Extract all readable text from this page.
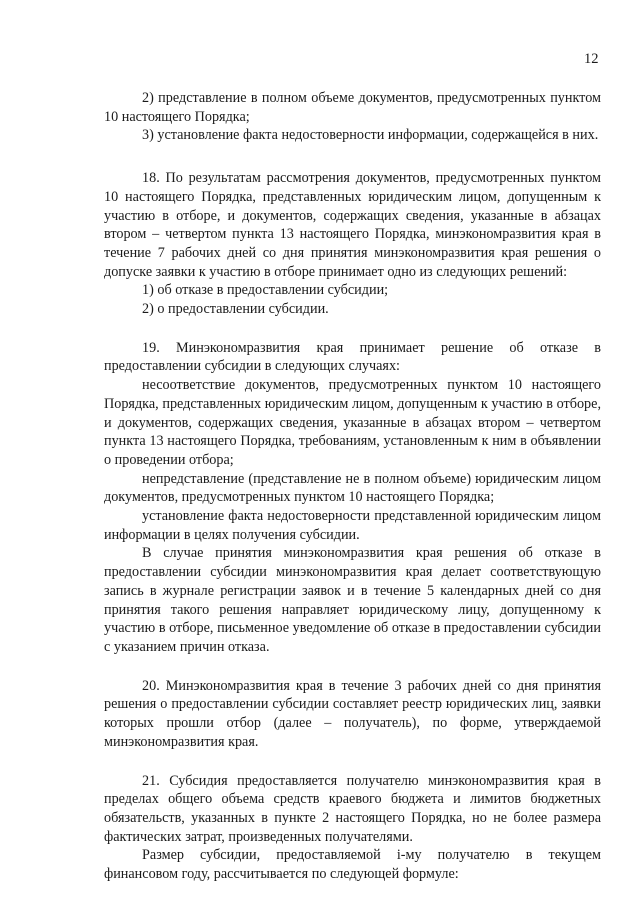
12

2) представление в полном объеме документов, предусмотренных пунктом 10 настоящего Порядка;

3) установление факта недостоверности информации, содержащейся в них.

18. По результатам рассмотрения документов, предусмотренных пунктом 10 настоящего Порядка, представленных юридическим лицом, допущенным к участию в отборе, и документов, содержащих сведения, указанные в абзацах втором – четвертом пункта 13 настоящего Порядка, минэкономразвития края в течение 7 рабочих дней со дня принятия минэкономразвития края решения о допуске заявки к участию в отборе принимает одно из следующих решений:

1) об отказе в предоставлении субсидии;

2) о предоставлении субсидии.

19. Минэкономразвития края принимает решение об отказе в предоставлении субсидии в следующих случаях:

несоответствие документов, предусмотренных пунктом 10 настоящего Порядка, представленных юридическим лицом, допущенным к участию в отборе, и документов, содержащих сведения, указанные в абзацах втором – четвертом пункта 13 настоящего Порядка, требованиям, установленным к ним в объявлении о проведении отбора;

непредставление (представление не в полном объеме) юридическим лицом документов, предусмотренных пунктом 10 настоящего Порядка;

установление факта недостоверности представленной юридическим лицом информации в целях получения субсидии.

В случае принятия минэкономразвития края решения об отказе в предоставлении субсидии минэкономразвития края делает соответствующую запись в журнале регистрации заявок и в течение 5 календарных дней со дня принятия такого решения направляет юридическому лицу, допущенному к участию в отборе, письменное уведомление об отказе в предоставлении субсидии с указанием причин отказа.

20. Минэкономразвития края в течение 3 рабочих дней со дня принятия решения о предоставлении субсидии составляет реестр юридических лиц, заявки которых прошли отбор (далее – получатель), по форме, утверждаемой минэкономразвития края.

21. Субсидия предоставляется получателю минэкономразвития края в пределах общего объема средств краевого бюджета и лимитов бюджетных обязательств, указанных в пункте 2 настоящего Порядка, но не более размера фактических затрат, произведенных получателями.

Размер субсидии, предоставляемой i-му получателю в текущем финансовом году, рассчитывается по следующей формуле:
